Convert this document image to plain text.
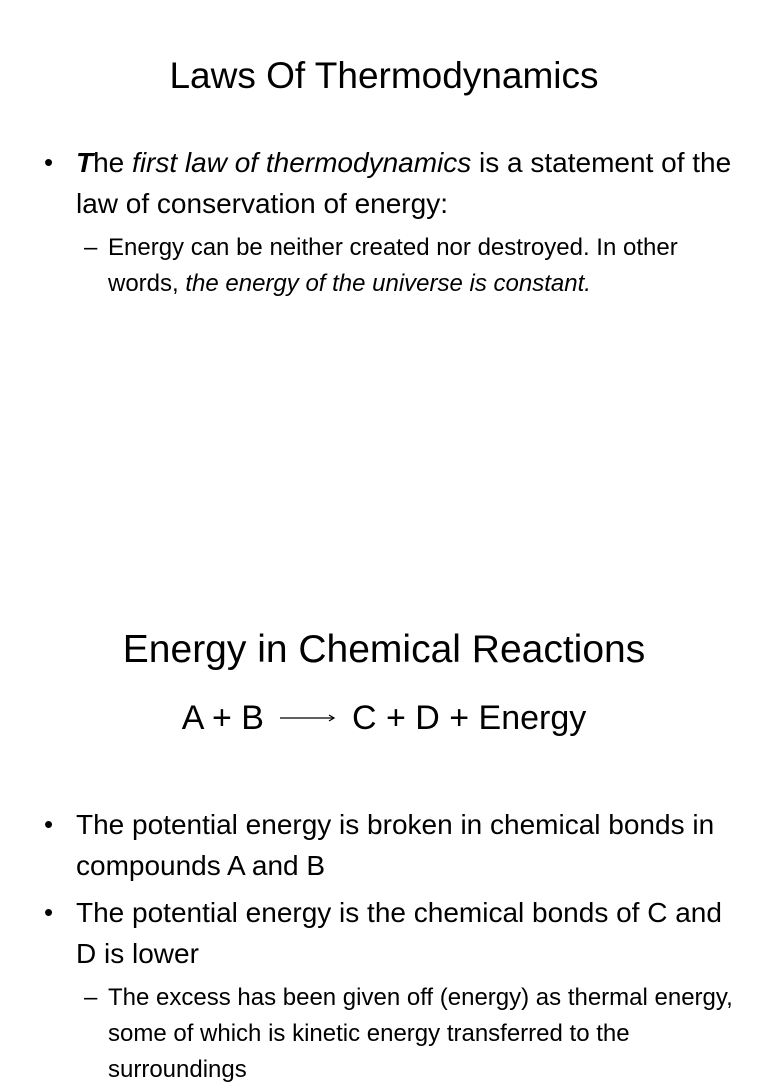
Laws Of Thermodynamics
• The first law of thermodynamics is a statement of the law of conservation of energy:
– Energy can be neither created nor destroyed. In other words, the energy of the universe is constant.
Energy in Chemical Reactions
A + B	C + D + Energy
• The potential energy is broken in chemical bonds in compounds A and B
• The potential energy is the chemical bonds of C and D is lower
– The excess has been given off (energy) as thermal energy, some of which is kinetic energy transferred to the surroundings
